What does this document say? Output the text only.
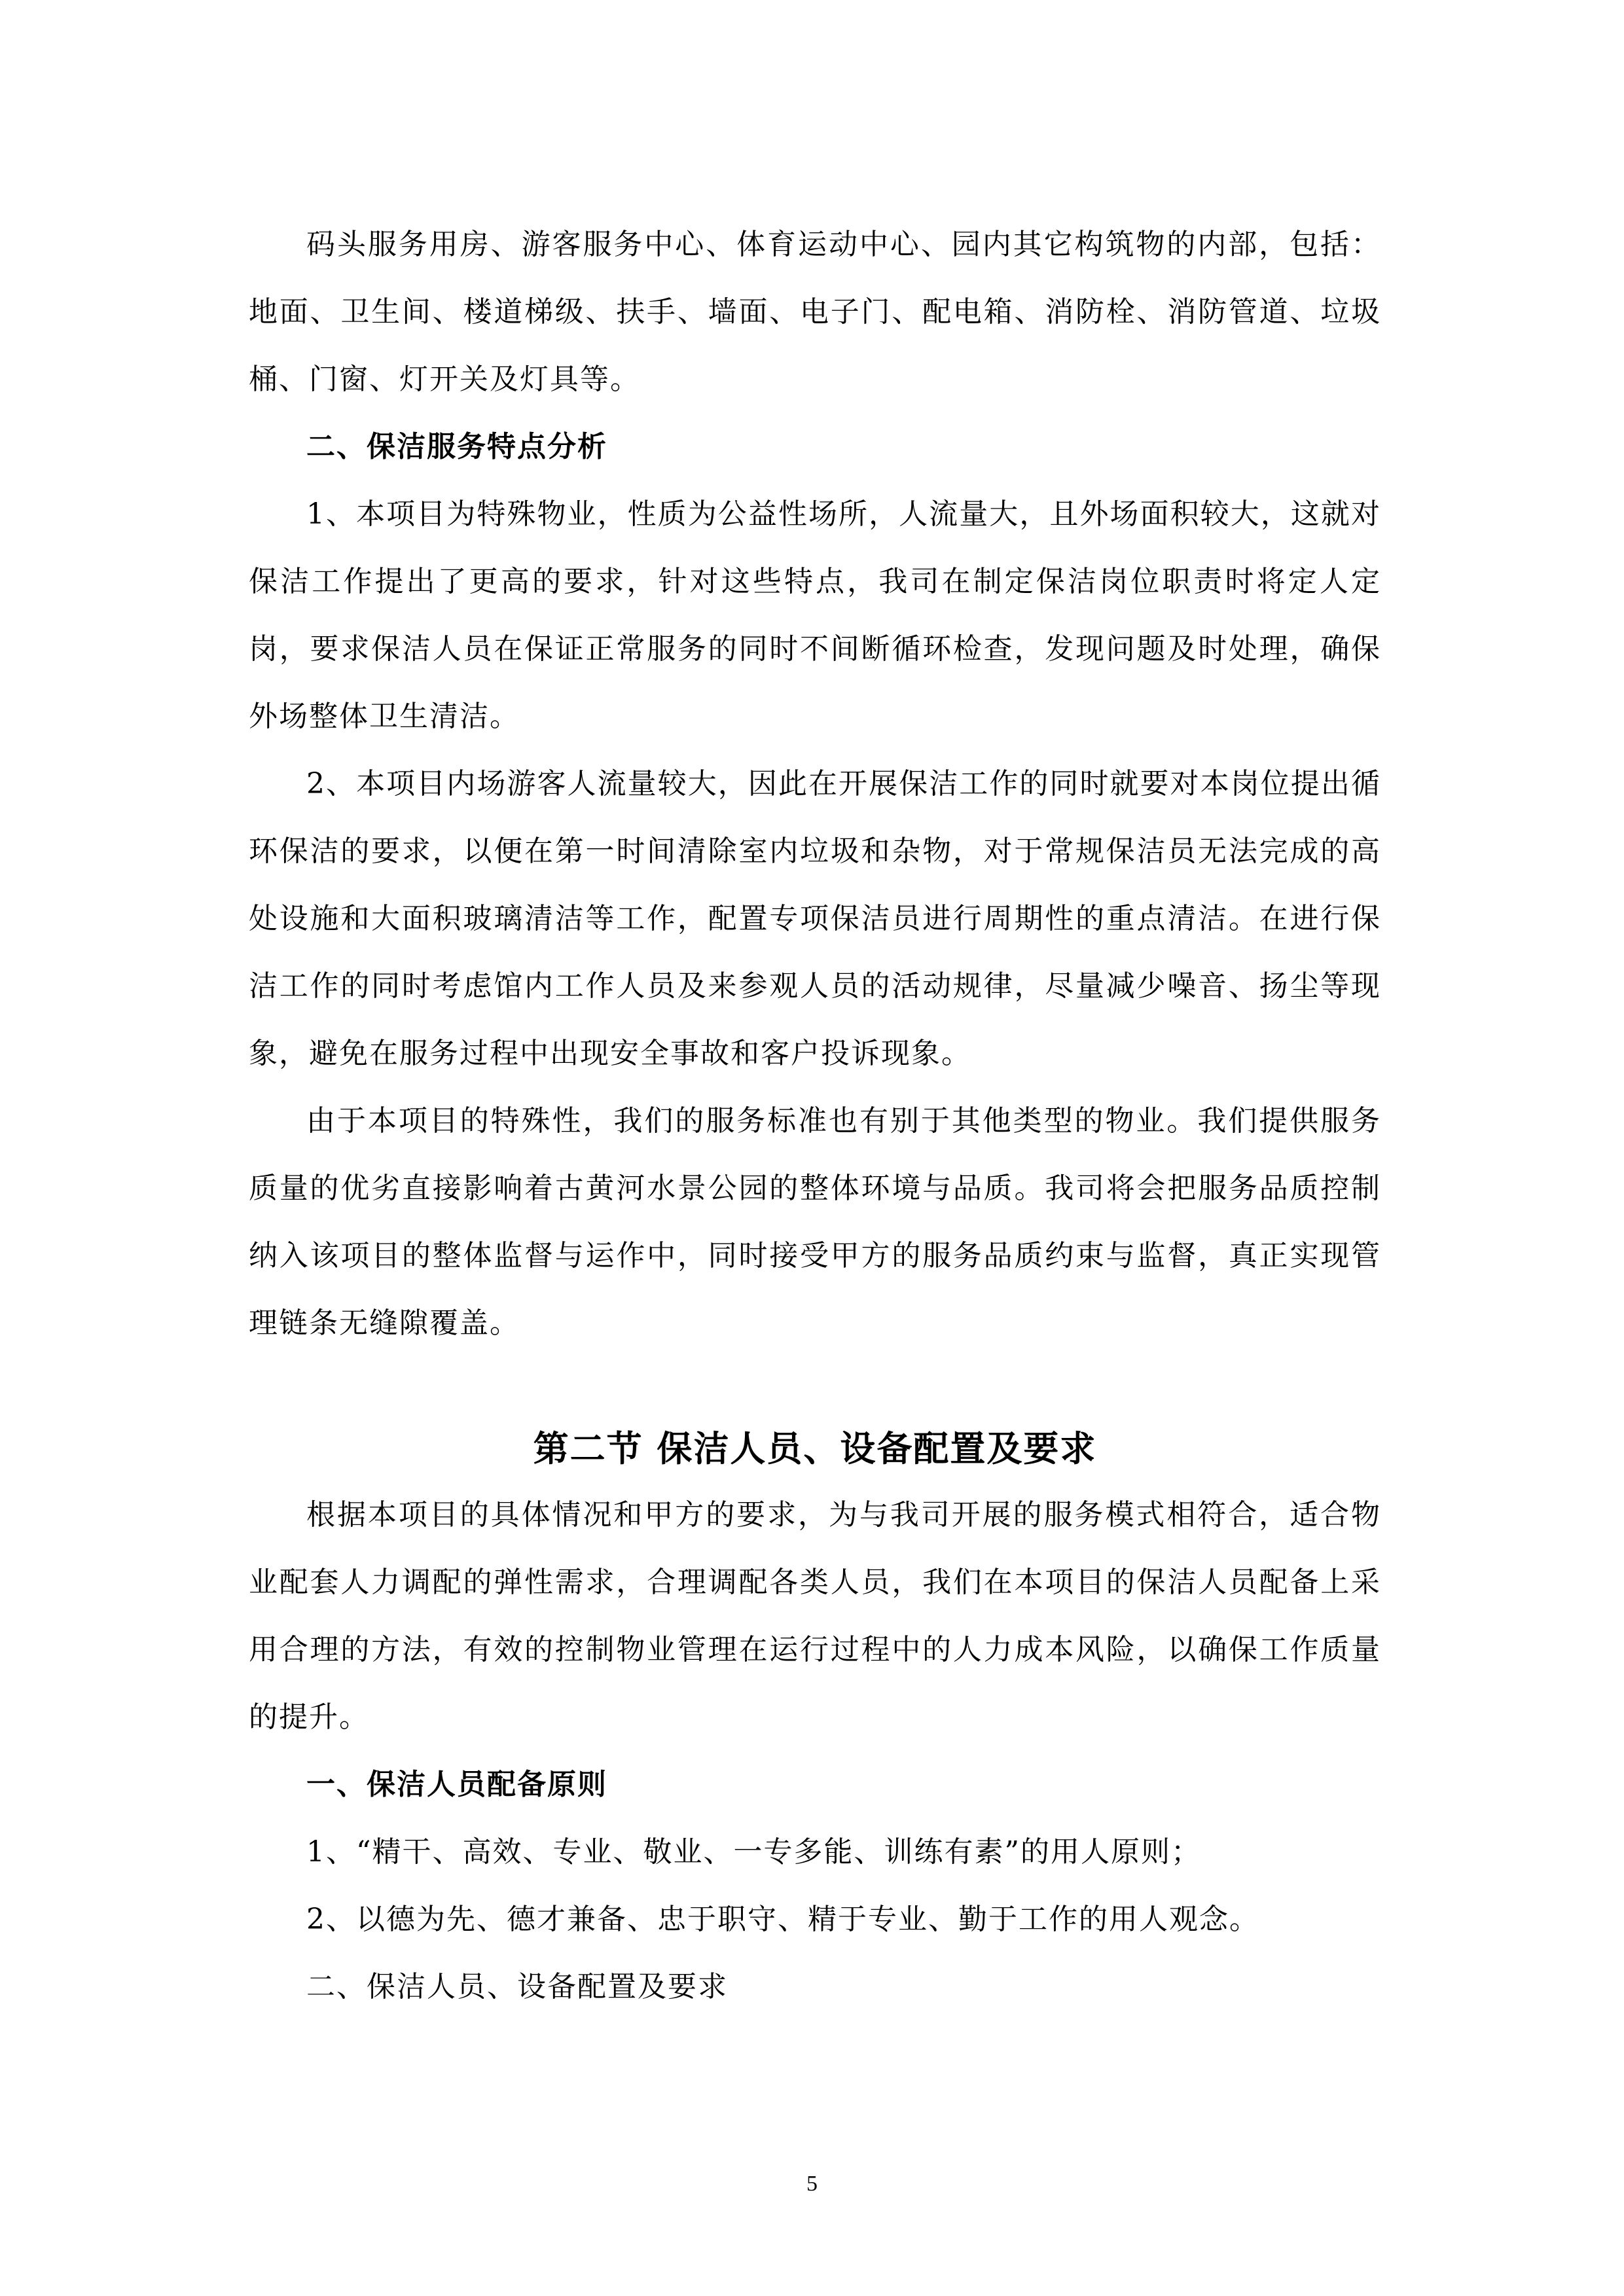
码头服务用房、游客服务中心、体育运动中心、园内其它构筑物的内部，包括：地面、卫生间、楼道梯级、扶手、墙面、电子门、配电箱、消防栓、消防管道、垃圾桶、门窗、灯开关及灯具等。

二、保洁服务特点分析

1、本项目为特殊物业，性质为公益性场所，人流量大，且外场面积较大，这就对保洁工作提出了更高的要求，针对这些特点，我司在制定保洁岗位职责时将定人定岗，要求保洁人员在保证正常服务的同时不间断循环检查，发现问题及时处理，确保外场整体卫生清洁。

2、本项目内场游客人流量较大，因此在开展保洁工作的同时就要对本岗位提出循环保洁的要求，以便在第一时间清除室内垃圾和杂物，对于常规保洁员无法完成的高处设施和大面积玻璃清洁等工作，配置专项保洁员进行周期性的重点清洁。在进行保洁工作的同时考虑馆内工作人员及来参观人员的活动规律，尽量减少噪音、扬尘等现象，避免在服务过程中出现安全事故和客户投诉现象。

由于本项目的特殊性，我们的服务标准也有别于其他类型的物业。我们提供服务质量的优劣直接影响着古黄河水景公园的整体环境与品质。我司将会把服务品质控制纳入该项目的整体监督与运作中，同时接受甲方的服务品质约束与监督，真正实现管理链条无缝隙覆盖。

第二节 保洁人员、设备配置及要求

根据本项目的具体情况和甲方的要求，为与我司开展的服务模式相符合，适合物业配套人力调配的弹性需求，合理调配各类人员，我们在本项目的保洁人员配备上采用合理的方法，有效的控制物业管理在运行过程中的人力成本风险，以确保工作质量的提升。

一、保洁人员配备原则

1、“精干、高效、专业、敬业、一专多能、训练有素”的用人原则；

2、以德为先、德才兼备、忠于职守、精于专业、勤于工作的用人观念。

二、保洁人员、设备配置及要求

5
